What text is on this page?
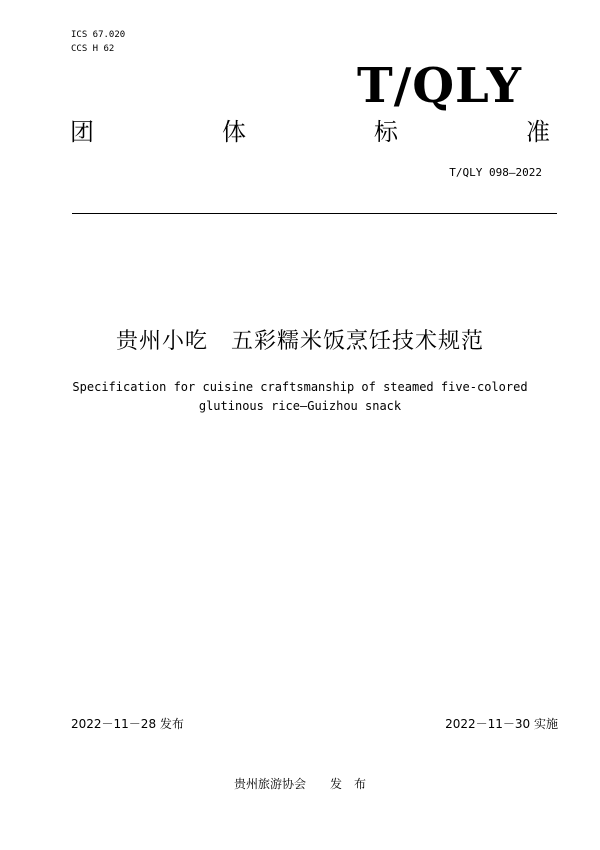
ICS 67.020
CCS H 62
T/QLY
团	体	标	准
T/QLY 098—2022
贵州小吃　五彩糯米饭烹饪技术规范
Specification for cuisine craftsmanship of steamed five-colored
glutinous rice—Guizhou snack
2022－11－28 发布	2022－11－30 实施
贵州旅游协会　　发　布
